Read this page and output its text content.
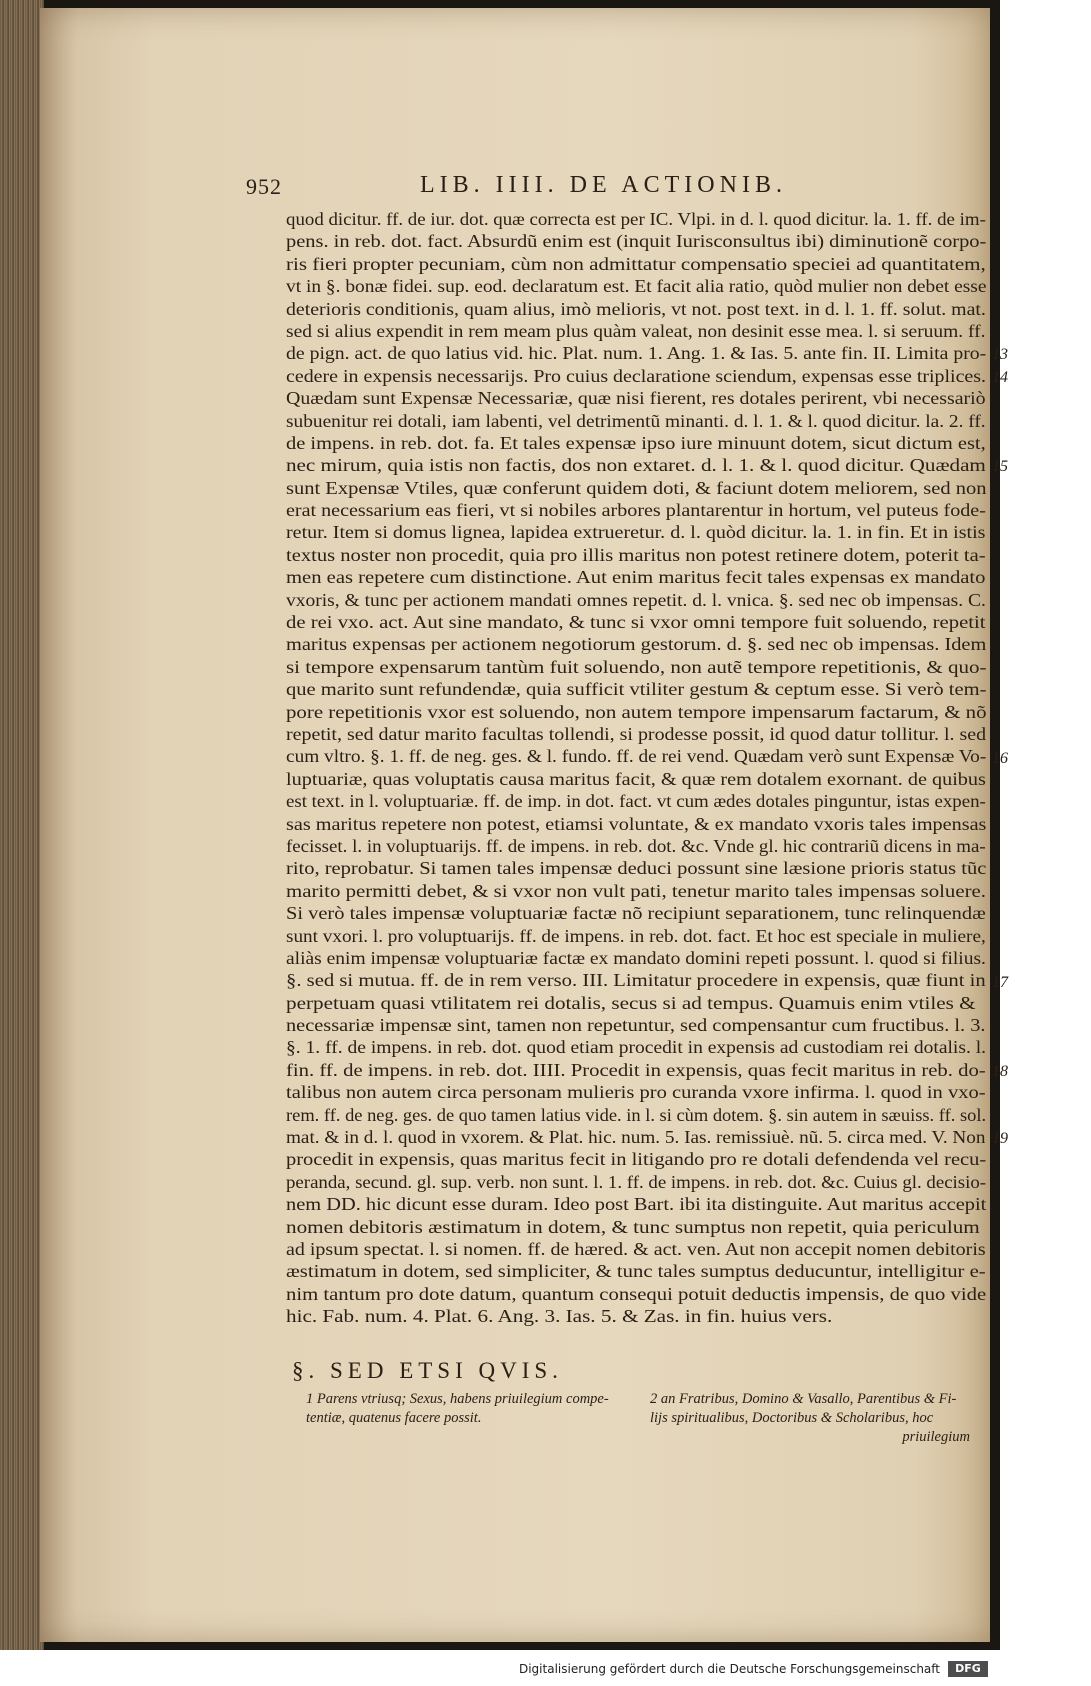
952	LIB. IIII. DE ACTIONIB.
quod dicitur. ff. de iur. dot. quæ correcta est per IC. Vlpi. in d. l. quod dicitur. la. 1. ff. de im-
pens. in reb. dot. fact. Absurdũ enim est (inquit Iurisconsultus ibi) diminutionẽ corpo-
ris fieri propter pecuniam, cùm non admittatur compensatio speciei ad quantitatem,
vt in §. bonæ fidei. sup. eod. declaratum est. Et facit alia ratio, quòd mulier non debet esse
deterioris conditionis, quam alius, imò melioris, vt not. post text. in d. l. 1. ff. solut. mat.
sed si alius expendit in rem meam plus quàm valeat, non desinit esse mea. l. si seruum. ff.
de pign. act. de quo latius vid. hic. Plat. num. 1. Ang. 1. & Ias. 5. ante fin. II. Limita pro-
cedere in expensis necessarijs. Pro cuius declaratione sciendum, expensas esse triplices.
Quædam sunt Expensæ Necessariæ, quæ nisi fierent, res dotales perirent, vbi necessariò
subuenitur rei dotali, iam labenti, vel detrimentũ minanti. d. l. 1. & l. quod dicitur. la. 2. ff.
de impens. in reb. dot. fa. Et tales expensæ ipso iure minuunt dotem, sicut dictum est,
nec mirum, quia istis non factis, dos non extaret. d. l. 1. & l. quod dicitur. Quædam
sunt Expensæ Vtiles, quæ conferunt quidem doti, & faciunt dotem meliorem, sed non
erat necessarium eas fieri, vt si nobiles arbores plantarentur in hortum, vel puteus fode-
retur. Item si domus lignea, lapidea extrueretur. d. l. quòd dicitur. la. 1. in fin. Et in istis
textus noster non procedit, quia pro illis maritus non potest retinere dotem, poterit ta-
men eas repetere cum distinctione. Aut enim maritus fecit tales expensas ex mandato
vxoris, & tunc per actionem mandati omnes repetit. d. l. vnica. §. sed nec ob impensas. C.
de rei vxo. act. Aut sine mandato, & tunc si vxor omni tempore fuit soluendo, repetit
maritus expensas per actionem negotiorum gestorum. d. §. sed nec ob impensas. Idem
si tempore expensarum tantùm fuit soluendo, non autẽ tempore repetitionis, & quo-
que marito sunt refundendæ, quia sufficit vtiliter gestum & ceptum esse. Si verò tem-
pore repetitionis vxor est soluendo, non autem tempore impensarum factarum, & nõ
repetit, sed datur marito facultas tollendi, si prodesse possit, id quod datur tollitur. l. sed
cum vltro. §. 1. ff. de neg. ges. & l. fundo. ff. de rei vend. Quædam verò sunt Expensæ Vo-
luptuariæ, quas voluptatis causa maritus facit, & quæ rem dotalem exornant. de quibus
est text. in l. voluptuariæ. ff. de imp. in dot. fact. vt cum ædes dotales pinguntur, istas expen-
sas maritus repetere non potest, etiamsi voluntate, & ex mandato vxoris tales impensas
fecisset. l. in voluptuarijs. ff. de impens. in reb. dot. &c. Vnde gl. hic contrariũ dicens in ma-
rito, reprobatur. Si tamen tales impensæ deduci possunt sine læsione prioris status tũc
marito permitti debet, & si vxor non vult pati, tenetur marito tales impensas soluere.
Si verò tales impensæ voluptuariæ factæ nõ recipiunt separationem, tunc relinquendæ
sunt vxori. l. pro voluptuarijs. ff. de impens. in reb. dot. fact. Et hoc est speciale in muliere,
aliàs enim impensæ voluptuariæ factæ ex mandato domini repeti possunt. l. quod si filius.
§. sed si mutua. ff. de in rem verso. III. Limitatur procedere in expensis, quæ fiunt in
perpetuam quasi vtilitatem rei dotalis, secus si ad tempus. Quamuis enim vtiles &
necessariæ impensæ sint, tamen non repetuntur, sed compensantur cum fructibus. l. 3.
§. 1. ff. de impens. in reb. dot. quod etiam procedit in expensis ad custodiam rei dotalis. l.
fin. ff. de impens. in reb. dot. IIII. Procedit in expensis, quas fecit maritus in reb. do-
talibus non autem circa personam mulieris pro curanda vxore infirma. l. quod in vxo-
rem. ff. de neg. ges. de quo tamen latius vide. in l. si cùm dotem. §. sin autem in sæuiss. ff. sol.
mat. & in d. l. quod in vxorem. & Plat. hic. num. 5. Ias. remissiuè. nũ. 5. circa med. V. Non
procedit in expensis, quas maritus fecit in litigando pro re dotali defendenda vel recu-
peranda, secund. gl. sup. verb. non sunt. l. 1. ff. de impens. in reb. dot. &c. Cuius gl. decisio-
nem DD. hic dicunt esse duram. Ideo post Bart. ibi ita distinguite. Aut maritus accepit
nomen debitoris æstimatum in dotem, & tunc sumptus non repetit, quia periculum
ad ipsum spectat. l. si nomen. ff. de hæred. & act. ven. Aut non accepit nomen debitoris
æstimatum in dotem, sed simpliciter, & tunc tales sumptus deducuntur, intelligitur e-
nim tantum pro dote datum, quantum consequi potuit deductis impensis, de quo vide
hic. Fab. num. 4. Plat. 6. Ang. 3. Ias. 5. & Zas. in fin. huius vers.
13
14
15
16
17
18
19
§. SED ETSI QVIS.
1 Parens vtriusq; Sexus, habens priuilegium compe-
tentiæ, quatenus facere possit.
2 an Fratribus, Domino & Vasallo, Parentibus & Fi-
lijs spiritualibus, Doctoribus & Scholaribus, hoc
priuilegium
Digitalisierung gefördert durch die Deutsche Forschungsgemeinschaft	DFG
